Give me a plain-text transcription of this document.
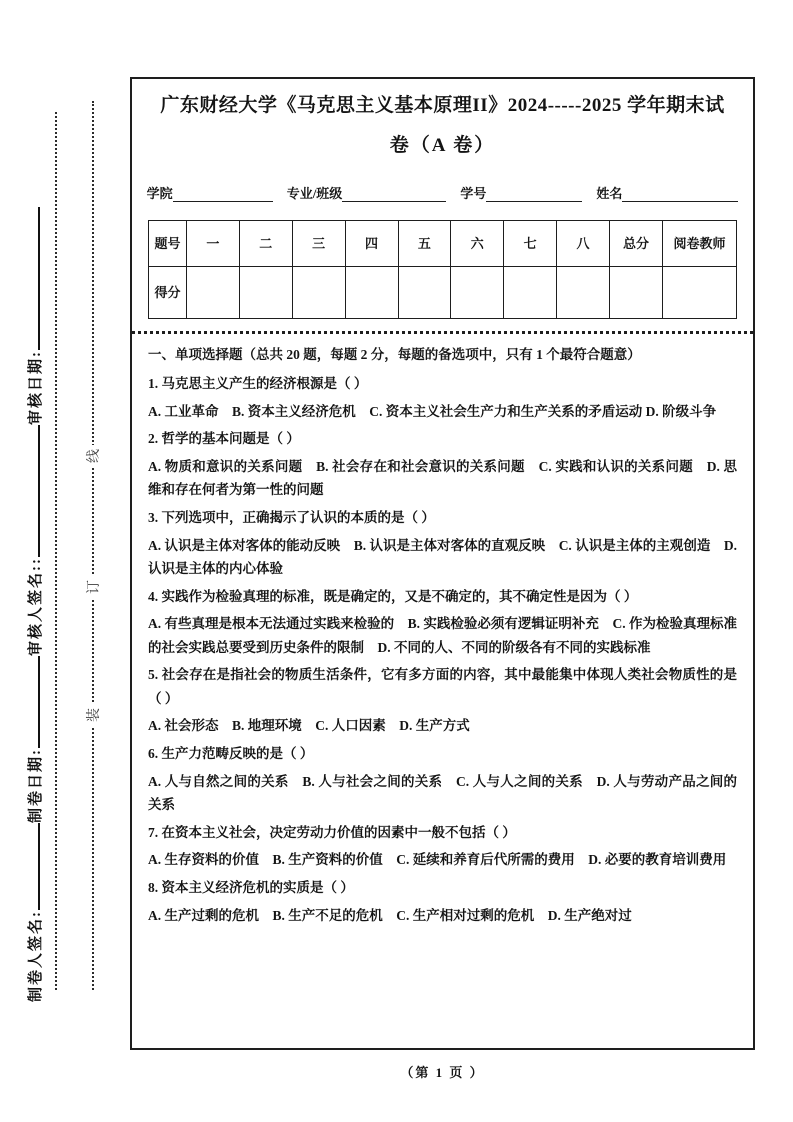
线
订
装
制卷人签名:
制卷日期:
审核人签名::
审核日期:
广东财经大学《马克思主义基本原理II》2024-----2025 学年期末试
卷（A 卷）
学院	专业/班级	学号	姓名
题号	一	二	三	四	五	六	七	八	总分	阅卷教师
得分										

一、单项选择题（总共 20 题，每题 2 分，每题的备选项中，只有 1 个最符合题意）

1. 马克思主义产生的经济根源是（ ）

A. 工业革命　B. 资本主义经济危机　C. 资本主义社会生产力和生产关系的矛盾运动 D. 阶级斗争

2. 哲学的基本问题是（ ）

A. 物质和意识的关系问题　B. 社会存在和社会意识的关系问题　C. 实践和认识的关系问题　D. 思维和存在何者为第一性的问题

3. 下列选项中，正确揭示了认识的本质的是（ ）

A. 认识是主体对客体的能动反映　B. 认识是主体对客体的直观反映　C. 认识是主体的主观创造　D. 认识是主体的内心体验

4. 实践作为检验真理的标准，既是确定的，又是不确定的，其不确定性是因为（ ）

A. 有些真理是根本无法通过实践来检验的　B. 实践检验必须有逻辑证明补充　C. 作为检验真理标准的社会实践总要受到历史条件的限制　D. 不同的人、不同的阶级各有不同的实践标准

5. 社会存在是指社会的物质生活条件，它有多方面的内容，其中最能集中体现人类社会物质性的是（ ）

A. 社会形态　B. 地理环境　C. 人口因素　D. 生产方式

6. 生产力范畴反映的是（ ）

A. 人与自然之间的关系　B. 人与社会之间的关系　C. 人与人之间的关系　D. 人与劳动产品之间的关系

7. 在资本主义社会，决定劳动力价值的因素中一般不包括（ ）

A. 生存资料的价值　B. 生产资料的价值　C. 延续和养育后代所需的费用　D. 必要的教育培训费用

8. 资本主义经济危机的实质是（ ）

A. 生产过剩的危机　B. 生产不足的危机　C. 生产相对过剩的危机　D. 生产绝对过

（第 1 页 ）
